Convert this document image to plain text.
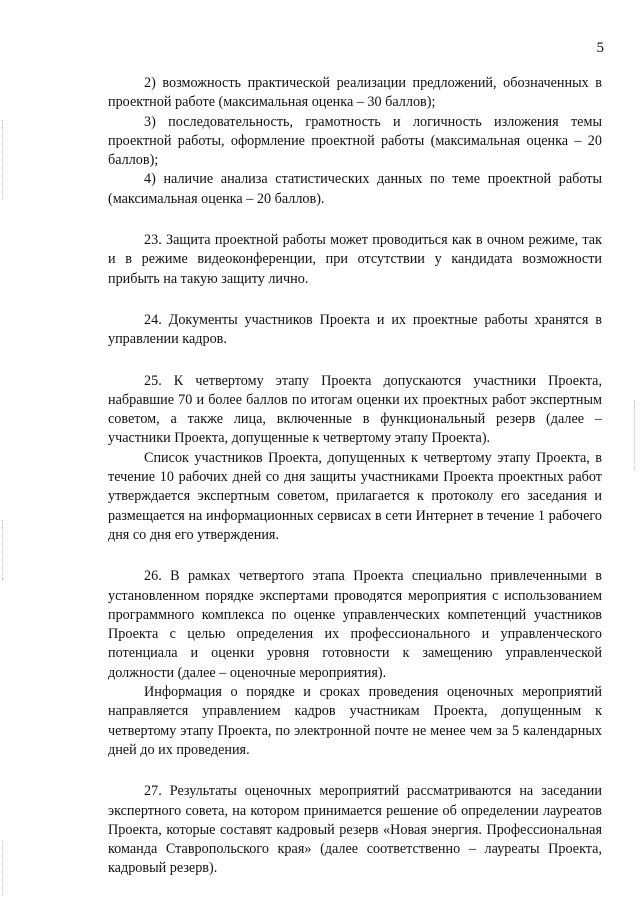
5

2) возможность практической реализации предложений, обозначенных в проектной работе (максимальная оценка – 30 баллов);

3) последовательность, грамотность и логичность изложения темы проектной работы, оформление проектной работы (максимальная оценка – 20 баллов);

4) наличие анализа статистических данных по теме проектной работы (максимальная оценка – 20 баллов).

23. Защита проектной работы может проводиться как в очном режиме, так и в режиме видеоконференции, при отсутствии у кандидата возможности прибыть на такую защиту лично.

24. Документы участников Проекта и их проектные работы хранятся в управлении кадров.

25. К четвертому этапу Проекта допускаются участники Проекта, набравшие 70 и более баллов по итогам оценки их проектных работ экспертным советом, а также лица, включенные в функциональный резерв (далее – участники Проекта, допущенные к четвертому этапу Проекта).

Список участников Проекта, допущенных к четвертому этапу Проекта, в течение 10 рабочих дней со дня защиты участниками Проекта проектных работ утверждается экспертным советом, прилагается к протоколу его заседания и размещается на информационных сервисах в сети Интернет в течение 1 рабочего дня со дня его утверждения.

26. В рамках четвертого этапа Проекта специально привлеченными в установленном порядке экспертами проводятся мероприятия с использованием программного комплекса по оценке управленческих компетенций участников Проекта с целью определения их профессионального и управленческого потенциала и оценки уровня готовности к замещению управленческой должности (далее – оценочные мероприятия).

Информация о порядке и сроках проведения оценочных мероприятий направляется управлением кадров участникам Проекта, допущенным к четвертому этапу Проекта, по электронной почте не менее чем за 5 календарных дней до их проведения.

27. Результаты оценочных мероприятий рассматриваются на заседании экспертного совета, на котором принимается решение об определении лауреатов Проекта, которые составят кадровый резерв «Новая энергия. Профессиональная команда Ставропольского края» (далее соответственно – лауреаты Проекта, кадровый резерв).
